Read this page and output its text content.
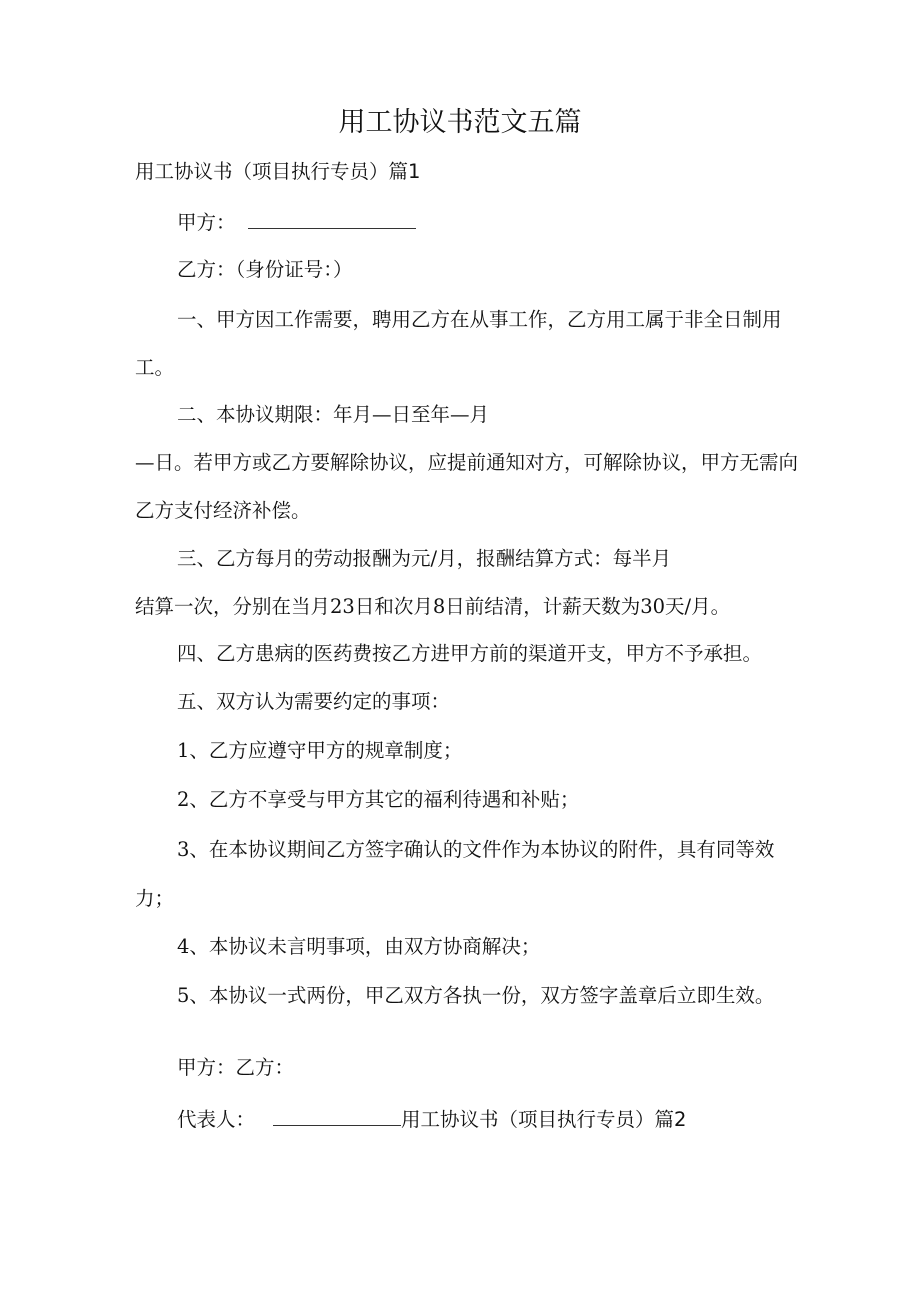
用工协议书范文五篇
用工协议书（项目执行专员）篇1
甲方：
乙方：（身份证号：）
一、甲方因工作需要，聘用乙方在从事工作，乙方用工属于非全日制用
工。
二、本协议期限：年月—日至年—月
—日。若甲方或乙方要解除协议，应提前通知对方，可解除协议，甲方无需向
乙方支付经济补偿。
三、乙方每月的劳动报酬为元/月，报酬结算方式：每半月
结算一次，分别在当月23日和次月8日前结清，计薪天数为30天/月。
四、乙方患病的医药费按乙方进甲方前的渠道开支，甲方不予承担。
五、双方认为需要约定的事项：
1、乙方应遵守甲方的规章制度；
2、乙方不享受与甲方其它的福利待遇和补贴；
3、在本协议期间乙方签字确认的文件作为本协议的附件，具有同等效
力；
4、本协议未言明事项，由双方协商解决；
5、本协议一式两份，甲乙双方各执一份，双方签字盖章后立即生效。
甲方：乙方：
代表人：	用工协议书（项目执行专员）篇2
